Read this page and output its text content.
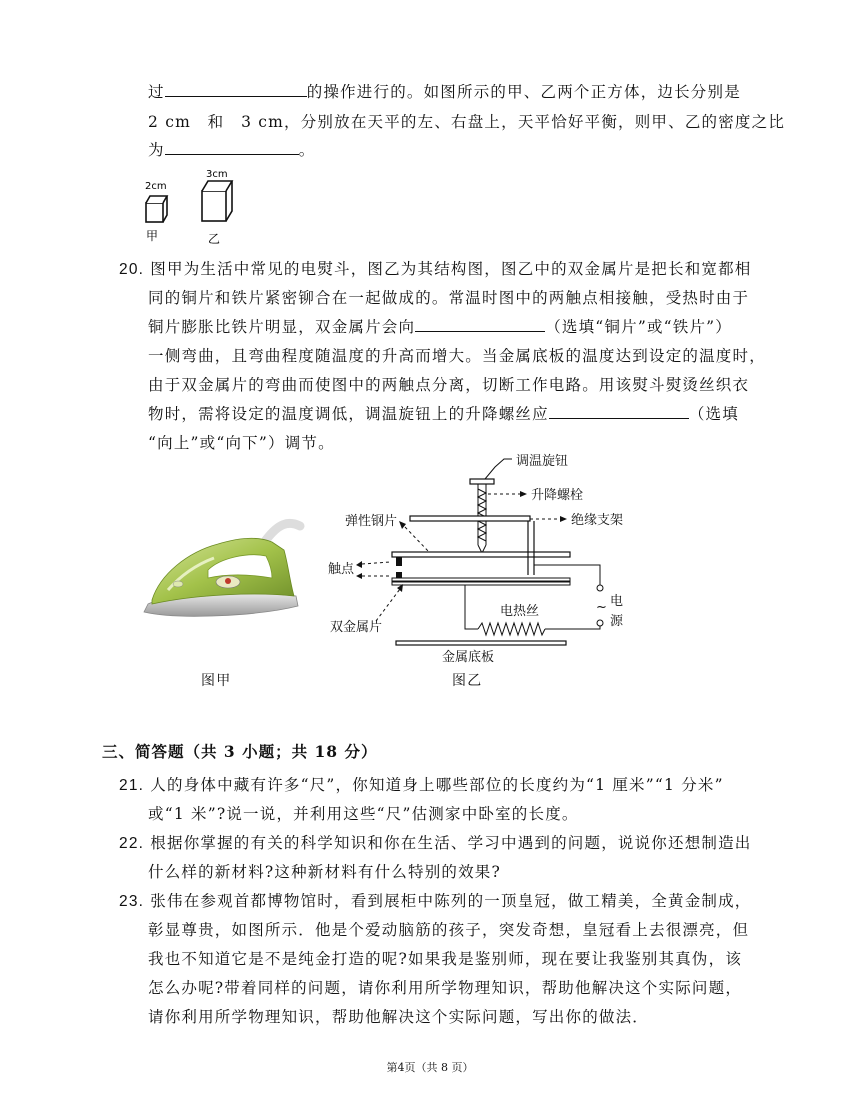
过	的操作进行的。如图所示的甲、乙两个正方体，边长分别是
2 cm　和　3 cm，分别放在天平的左、右盘上，天平恰好平衡，则甲、乙的密度之比
为	。
2cm
3cm
甲	乙
20. 图甲为生活中常见的电熨斗，图乙为其结构图，图乙中的双金属片是把长和宽都相
同的铜片和铁片紧密铆合在一起做成的。常温时图中的两触点相接触，受热时由于
铜片膨胀比铁片明显，双金属片会向	（选填“铜片”或“铁片”）
一侧弯曲，且弯曲程度随温度的升高而增大。当金属底板的温度达到设定的温度时，
由于双金属片的弯曲而使图中的两触点分离，切断工作电路。用该熨斗熨烫丝织衣
物时，需将设定的温度调低，调温旋钮上的升降螺丝应	（选填
“向上”或“向下”）调节。
图甲
调温旋钮
升降螺栓
绝缘支架
弹性钢片
触点
双金属片
电热丝
电
~
源
金属底板
图乙
三、简答题（共 3 小题；共 18 分）
21. 人的身体中藏有许多“尺”，你知道身上哪些部位的长度约为“1 厘米”“1 分米”
或“1 米”?说一说，并利用这些“尺”估测家中卧室的长度。
22. 根据你掌握的有关的科学知识和你在生活、学习中遇到的问题，说说你还想制造出
什么样的新材料?这种新材料有什么特别的效果?
23. 张伟在参观首都博物馆时，看到展柜中陈列的一顶皇冠，做工精美，全黄金制成，
彰显尊贵，如图所示．他是个爱动脑筋的孩子，突发奇想，皇冠看上去很漂亮，但
我也不知道它是不是纯金打造的呢?如果我是鉴别师，现在要让我鉴别其真伪，该
怎么办呢?带着同样的问题，请你利用所学物理知识，帮助他解决这个实际问题，
请你利用所学物理知识，帮助他解决这个实际问题，写出你的做法．
第4页（共 8 页）
